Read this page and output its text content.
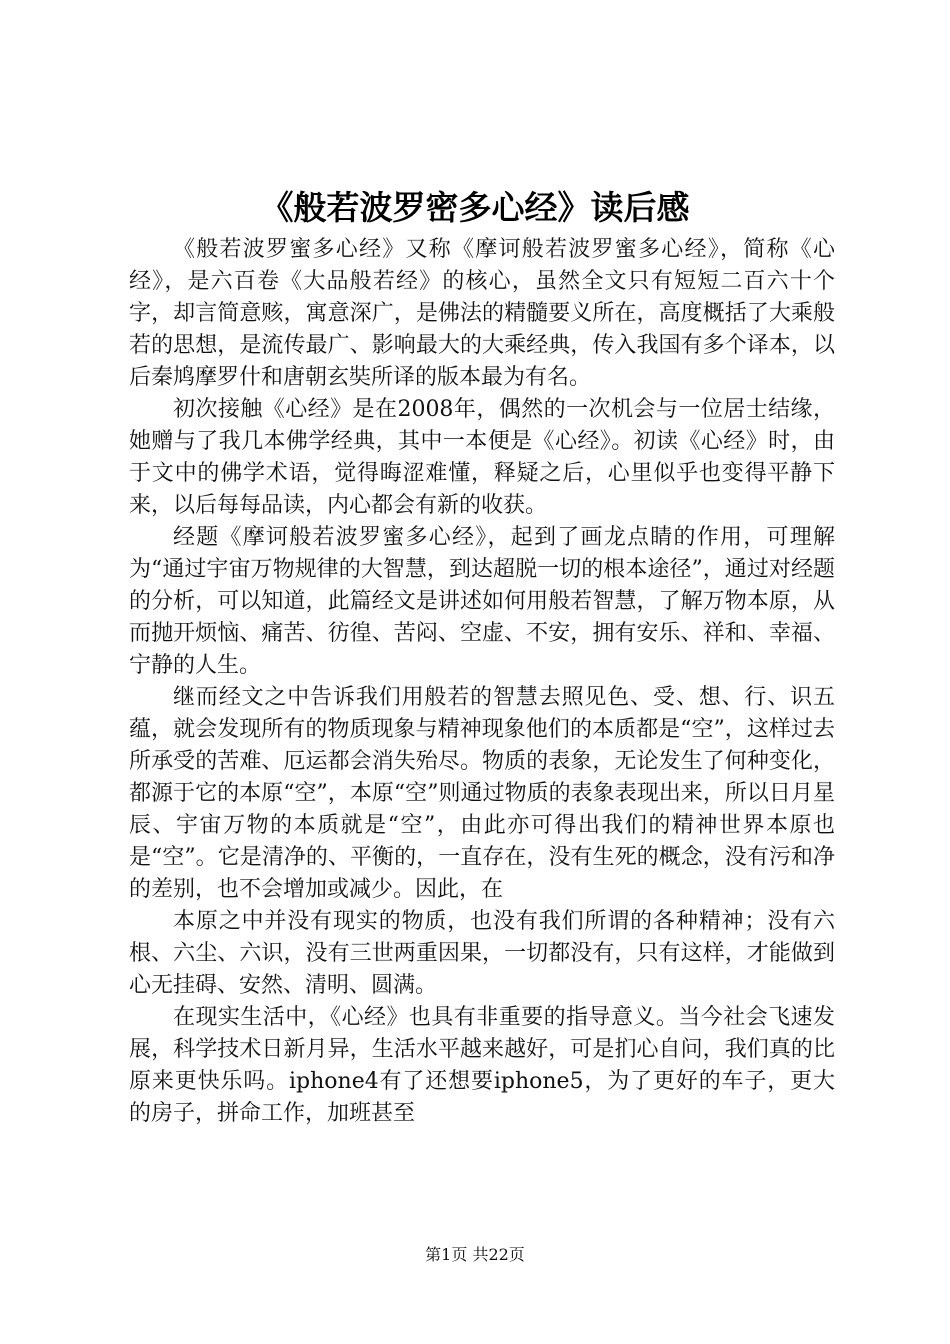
《般若波罗密多心经》读后感

《般若波罗蜜多心经》又称《摩诃般若波罗蜜多心经》，简称《心经》，是六百卷《大品般若经》的核心，虽然全文只有短短二百六十个字，却言简意赅，寓意深广，是佛法的精髓要义所在，高度概括了大乘般若的思想，是流传最广、影响最大的大乘经典，传入我国有多个译本，以后秦鸠摩罗什和唐朝玄奘所译的版本最为有名。

初次接触《心经》是在2008年，偶然的一次机会与一位居士结缘，她赠与了我几本佛学经典，其中一本便是《心经》。初读《心经》时，由于文中的佛学术语，觉得晦涩难懂，释疑之后，心里似乎也变得平静下来，以后每每品读，内心都会有新的收获。

经题《摩诃般若波罗蜜多心经》，起到了画龙点睛的作用，可理解为“通过宇宙万物规律的大智慧，到达超脱一切的根本途径”，通过对经题的分析，可以知道，此篇经文是讲述如何用般若智慧，了解万物本原，从而抛开烦恼、痛苦、彷徨、苦闷、空虚、不安，拥有安乐、祥和、幸福、宁静的人生。

继而经文之中告诉我们用般若的智慧去照见色、受、想、行、识五蕴，就会发现所有的物质现象与精神现象他们的本质都是“空”，这样过去所承受的苦难、厄运都会消失殆尽。物质的表象，无论发生了何种变化，都源于它的本原“空”，本原“空”则通过物质的表象表现出来，所以日月星辰、宇宙万物的本质就是“空”，由此亦可得出我们的精神世界本原也是“空”。它是清净的、平衡的，一直存在，没有生死的概念，没有污和净的差别，也不会增加或减少。因此，在

本原之中并没有现实的物质，也没有我们所谓的各种精神；没有六根、六尘、六识，没有三世两重因果，一切都没有，只有这样，才能做到心无挂碍、安然、清明、圆满。

在现实生活中，《心经》也具有非重要的指导意义。当今社会飞速发展，科学技术日新月异，生活水平越来越好，可是扪心自问，我们真的比原来更快乐吗。iphone4有了还想要iphone5，为了更好的车子，更大的房子，拼命工作，加班甚至

第1页 共22页
